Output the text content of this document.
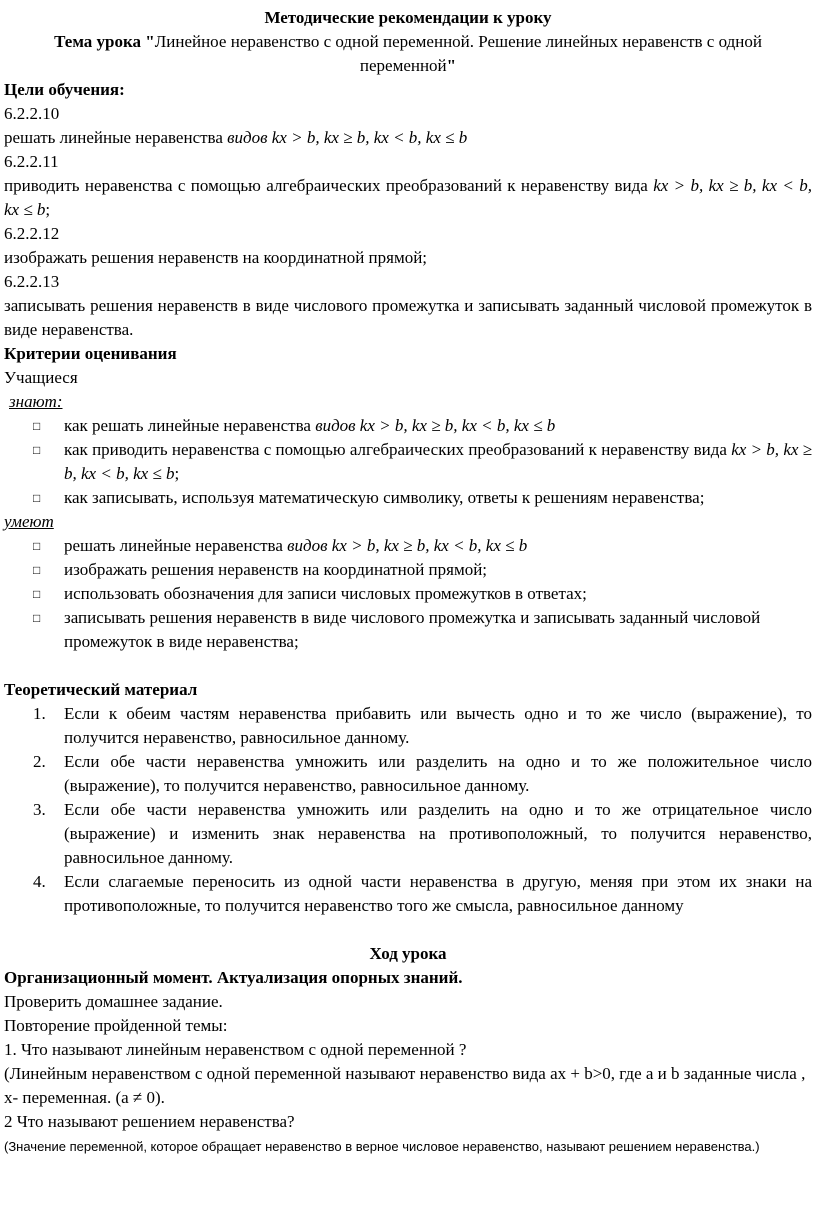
Методические рекомендации к уроку
Тема урока "Линейное неравенство с одной переменной. Решение линейных неравенств с одной переменной"
Цели обучения:
6.2.2.10
решать линейные неравенства видов kx > b, kx ≥ b, kx < b, kx ≤ b
6.2.2.11
приводить неравенства с помощью алгебраических преобразований к неравенству вида kx > b, kx ≥ b, kx < b, kx ≤ b;
6.2.2.12
изображать решения неравенств на координатной прямой;
6.2.2.13
записывать решения неравенств в виде числового промежутка и записывать заданный числовой промежуток в виде неравенства.
Критерии оценивания
Учащиеся
знают:
□	как решать линейные неравенства видов kx > b, kx ≥ b, kx < b, kx ≤ b
□	как приводить неравенства с помощью алгебраических преобразований к неравенству вида kx > b, kx ≥ b, kx < b, kx ≤ b;
□	как записывать, используя математическую символику, ответы к решениям неравенства;
умеют
□	решать линейные неравенства видов kx > b, kx ≥ b, kx < b, kx ≤ b
□	изображать решения неравенств на координатной прямой;
□	использовать обозначения для записи числовых промежутков в ответах;
□	записывать решения неравенств в виде числового промежутка и записывать заданный числовой промежуток в виде неравенства;
Теоретический материал
1.	Если к обеим частям неравенства прибавить или вычесть одно и то же число (выражение), то получится неравенство, равносильное данному.
2.	Если обе части неравенства умножить или разделить на одно и то же положительное число (выражение), то получится неравенство, равносильное данному.
3.	Если обе части неравенства умножить или разделить на одно и то же отрицательное число (выражение) и изменить знак неравенства на противоположный, то получится неравенство, равносильное данному.
4.	Если слагаемые переносить из одной части неравенства в другую, меняя при этом их знаки на противоположные, то получится неравенство того же смысла, равносильное данному
Ход урока
Организационный момент. Актуализация опорных знаний.
Проверить домашнее задание.
Повторение пройденной темы:
1. Что называют линейным неравенством с одной переменной ?
(Линейным неравенством с одной переменной называют неравенство вида ax + b>0, где a и b заданные числа , x- переменная. (a ≠ 0).
2 Что называют решением неравенства?
(Значение переменной, которое обращает неравенство в верное числовое неравенство, называют решением неравенства.)
